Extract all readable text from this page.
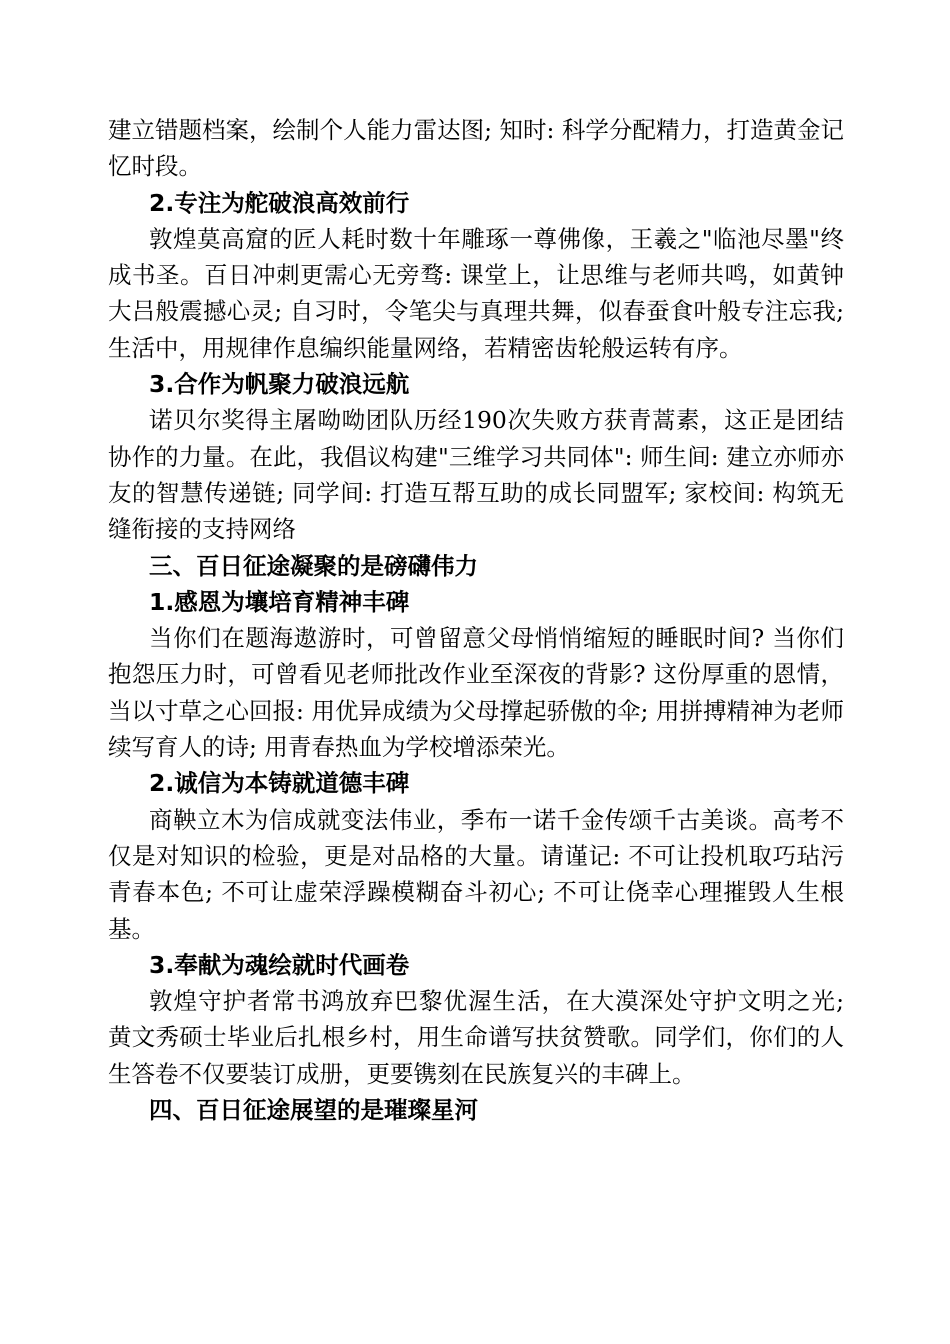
建立错题档案，绘制个人能力雷达图; 知时: 科学分配精力，打造黄金记忆时段。

2.专注为舵破浪高效前行

敦煌莫高窟的匠人耗时数十年雕琢一尊佛像，王羲之"临池尽墨"终成书圣。百日冲刺更需心无旁骛: 课堂上，让思维与老师共鸣，如黄钟大吕般震撼心灵; 自习时，令笔尖与真理共舞，似春蚕食叶般专注忘我; 生活中，用规律作息编织能量网络，若精密齿轮般运转有序。

3.合作为帆聚力破浪远航

诺贝尔奖得主屠呦呦团队历经190次失败方获青蒿素，这正是团结协作的力量。在此，我倡议构建"三维学习共同体": 师生间: 建立亦师亦友的智慧传递链; 同学间: 打造互帮互助的成长同盟军; 家校间: 构筑无缝衔接的支持网络

三、百日征途凝聚的是磅礴伟力

1.感恩为壤培育精神丰碑

当你们在题海遨游时，可曾留意父母悄悄缩短的睡眠时间? 当你们抱怨压力时，可曾看见老师批改作业至深夜的背影? 这份厚重的恩情，当以寸草之心回报: 用优异成绩为父母撑起骄傲的伞; 用拼搏精神为老师续写育人的诗; 用青春热血为学校增添荣光。

2.诚信为本铸就道德丰碑

商鞅立木为信成就变法伟业，季布一诺千金传颂千古美谈。高考不仅是对知识的检验，更是对品格的大量。请谨记: 不可让投机取巧玷污青春本色; 不可让虚荣浮躁模糊奋斗初心; 不可让侥幸心理摧毁人生根基。

3.奉献为魂绘就时代画卷

敦煌守护者常书鸿放弃巴黎优渥生活，在大漠深处守护文明之光; 黄文秀硕士毕业后扎根乡村，用生命谱写扶贫赞歌。同学们，你们的人生答卷不仅要装订成册，更要镌刻在民族复兴的丰碑上。

四、百日征途展望的是璀璨星河
